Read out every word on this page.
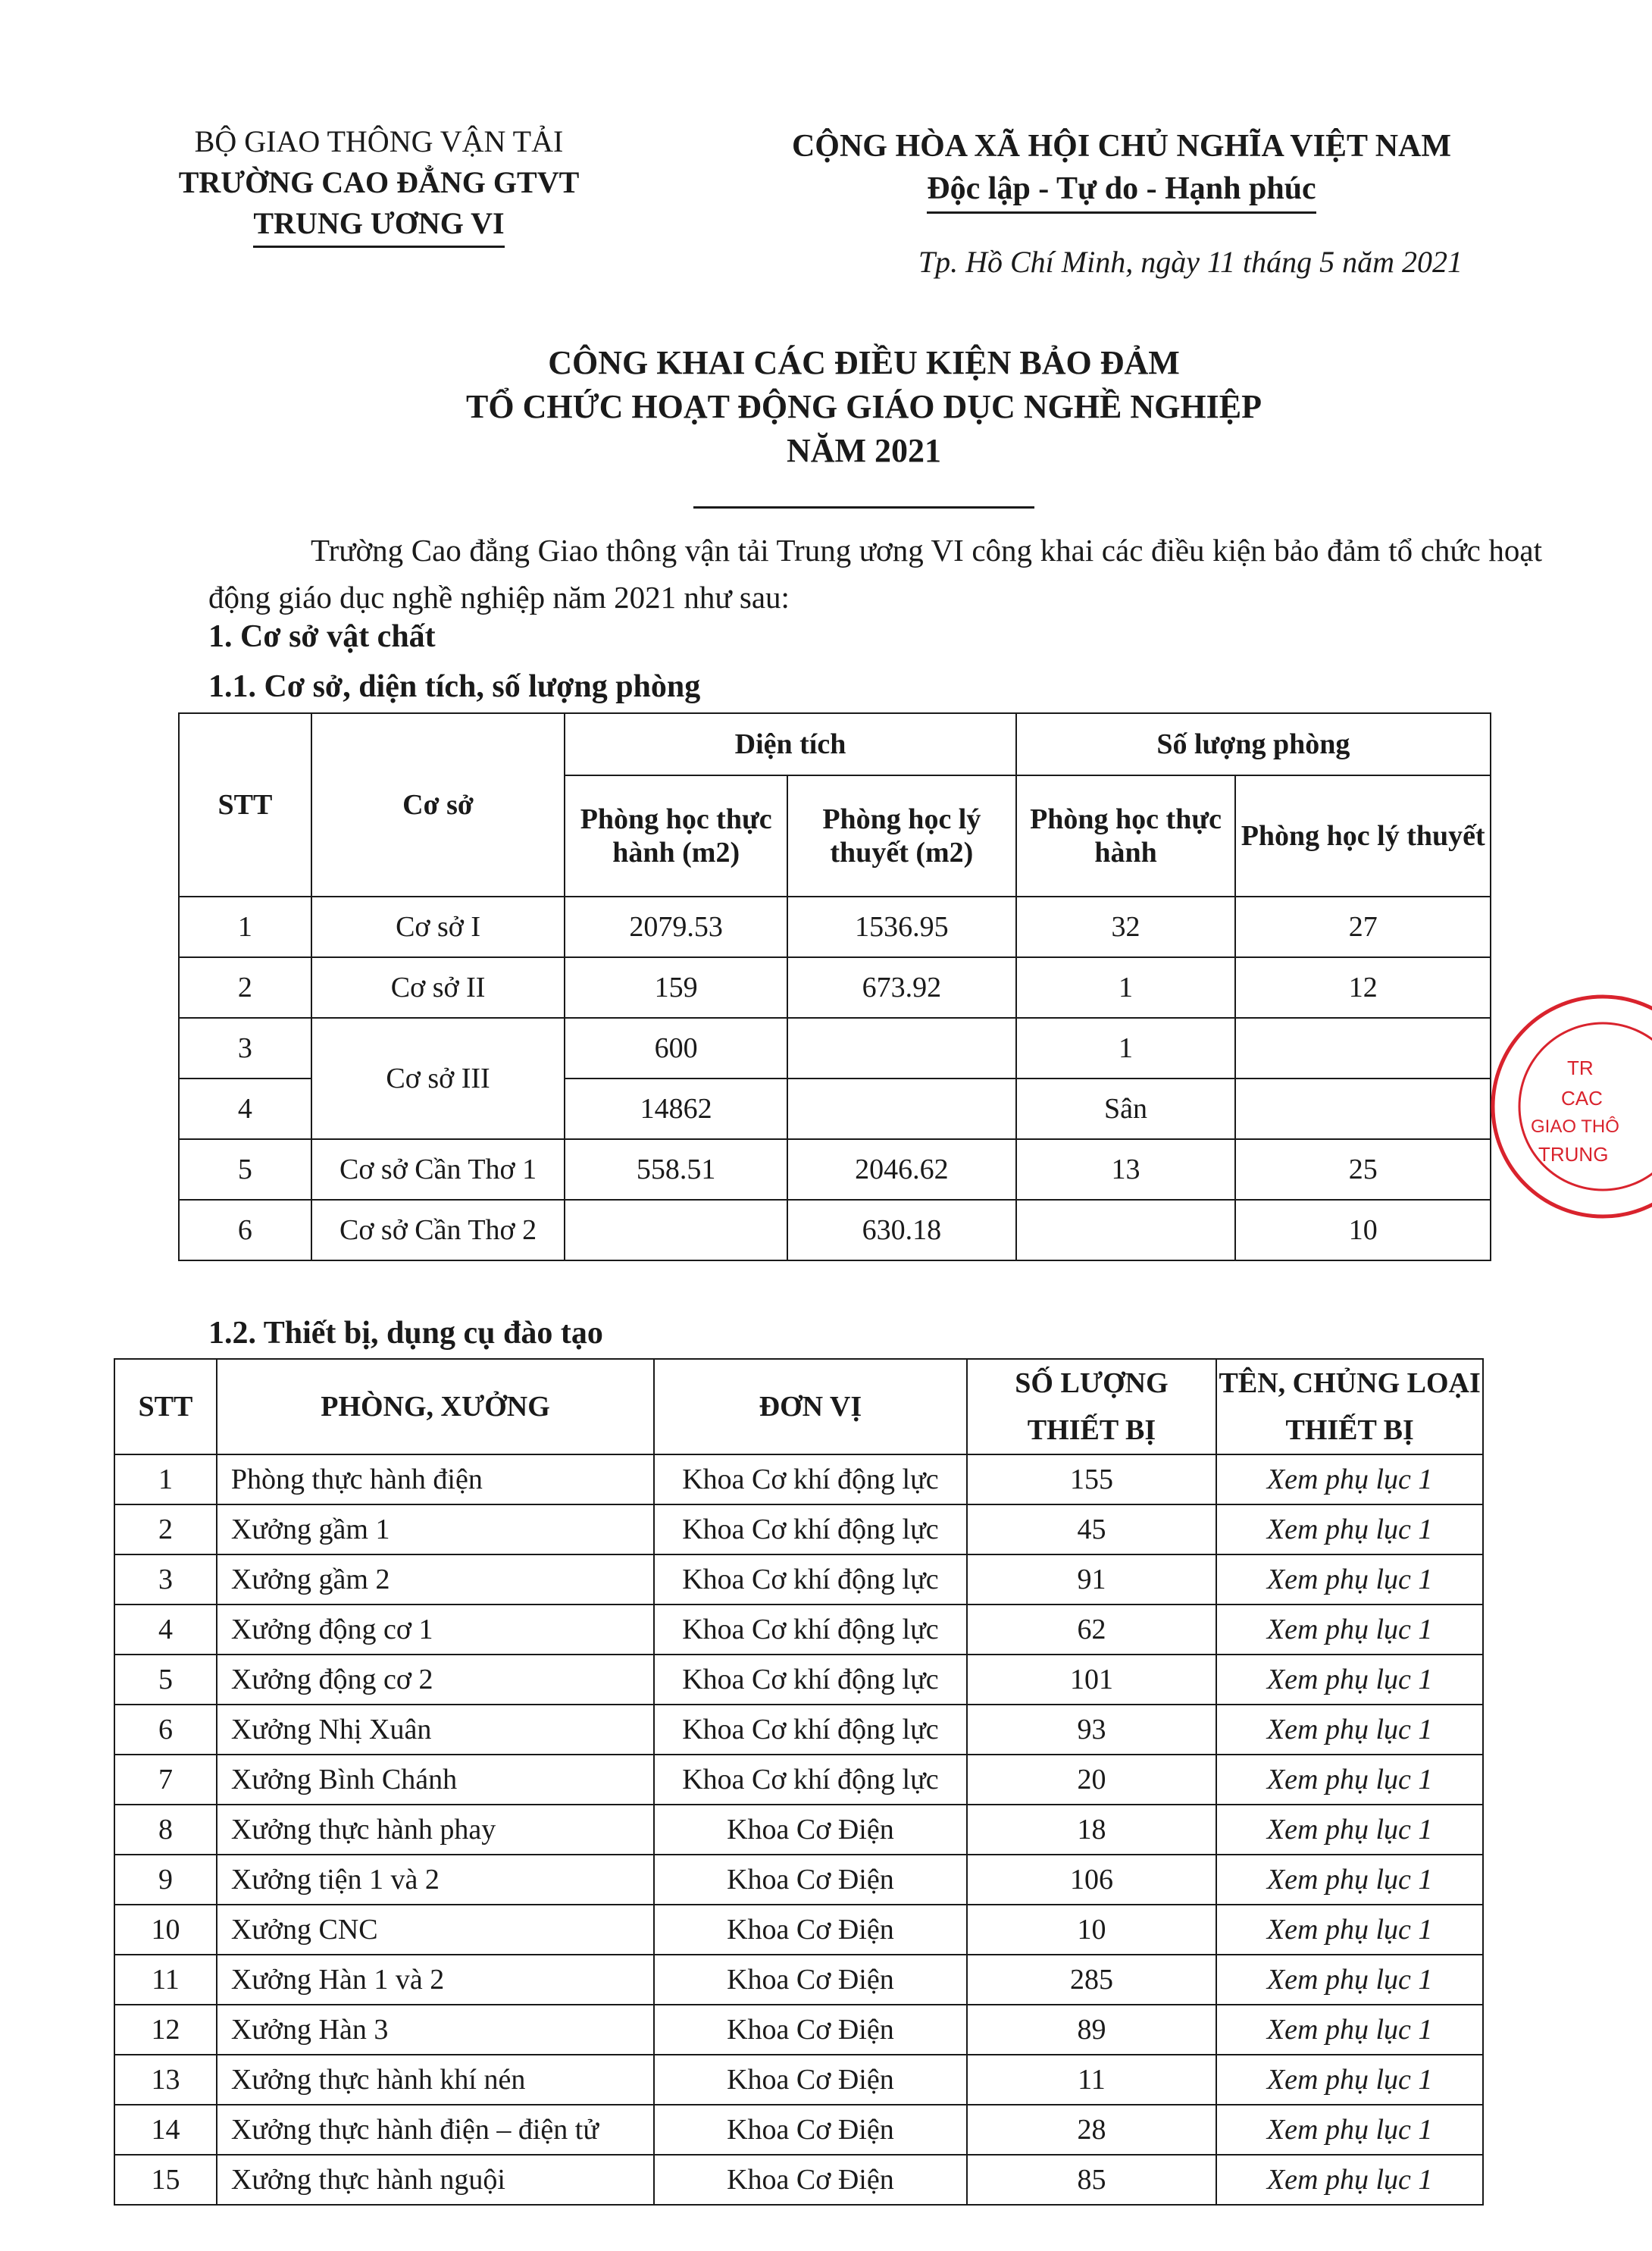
BỘ GIAO THÔNG VẬN TẢI
TRƯỜNG CAO ĐẲNG GTVT
TRUNG ƯƠNG VI
CỘNG HÒA XÃ HỘI CHỦ NGHĨA VIỆT NAM
Độc lập - Tự do - Hạnh phúc
Tp. Hồ Chí Minh, ngày 11 tháng 5 năm 2021
CÔNG KHAI CÁC ĐIỀU KIỆN BẢO ĐẢM
TỔ CHỨC HOẠT ĐỘNG GIÁO DỤC NGHỀ NGHIỆP
NĂM 2021
Trường Cao đẳng Giao thông vận tải Trung ương VI công khai các điều kiện bảo đảm tổ chức hoạt động giáo dục nghề nghiệp năm 2021 như sau:
1. Cơ sở vật chất
1.1. Cơ sở, diện tích, số lượng phòng
STT	Cơ sở	Diện tích		Số lượng phòng	
		Phòng học thực hành (m2)	Phòng học lý thuyết (m2)	Phòng học thực hành	Phòng học lý thuyết
1	Cơ sở I	2079.53	1536.95	32	27
2	Cơ sở II	159	673.92	1	12
3	Cơ sở III	600		1	
4		14862		Sân	
5	Cơ sở Cần Thơ 1	558.51	2046.62	13	25
6	Cơ sở Cần Thơ 2		630.18		10
TR
CAC
GIAO THÔ
TRUNG
1.2. Thiết bị, dụng cụ đào tạo
STT	PHÒNG, XƯỞNG	ĐƠN VỊ	SỐ LƯỢNG THIẾT BỊ	TÊN, CHỦNG LOẠI THIẾT BỊ
1	Phòng thực hành điện	Khoa Cơ khí động lực	155	Xem phụ lục 1
2	Xưởng gầm 1	Khoa Cơ khí động lực	45	Xem phụ lục 1
3	Xưởng gầm 2	Khoa Cơ khí động lực	91	Xem phụ lục 1
4	Xưởng động cơ 1	Khoa Cơ khí động lực	62	Xem phụ lục 1
5	Xưởng động cơ 2	Khoa Cơ khí động lực	101	Xem phụ lục 1
6	Xưởng Nhị Xuân	Khoa Cơ khí động lực	93	Xem phụ lục 1
7	Xưởng Bình Chánh	Khoa Cơ khí động lực	20	Xem phụ lục 1
8	Xưởng thực hành phay	Khoa Cơ Điện	18	Xem phụ lục 1
9	Xưởng tiện 1 và 2	Khoa Cơ Điện	106	Xem phụ lục 1
10	Xưởng CNC	Khoa Cơ Điện	10	Xem phụ lục 1
11	Xưởng Hàn 1 và 2	Khoa Cơ Điện	285	Xem phụ lục 1
12	Xưởng Hàn 3	Khoa Cơ Điện	89	Xem phụ lục 1
13	Xưởng thực hành khí nén	Khoa Cơ Điện	11	Xem phụ lục 1
14	Xưởng thực hành điện – điện tử	Khoa Cơ Điện	28	Xem phụ lục 1
15	Xưởng thực hành nguội	Khoa Cơ Điện	85	Xem phụ lục 1
